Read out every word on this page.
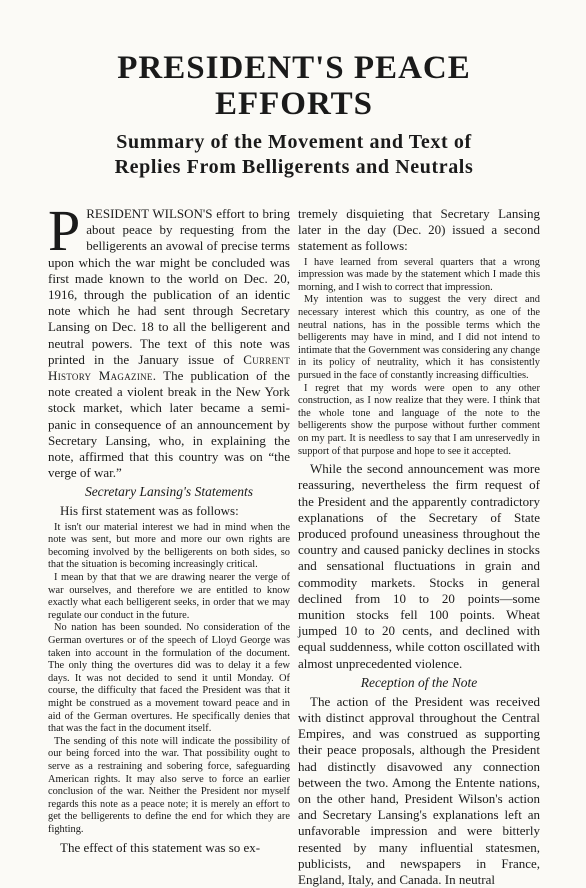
PRESIDENT'S PEACE EFFORTS
Summary of the Movement and Text of
Replies From Belligerents and Neutrals

PRESIDENT WILSON'S effort to bring about peace by requesting from the belligerents an avowal of precise terms upon which the war might be concluded was first made known to the world on Dec. 20, 1916, through the publication of an identic note which he had sent through Secretary Lansing on Dec. 18 to all the belligerent and neutral powers. The text of this note was printed in the January issue of Current History Magazine. The publication of the note created a violent break in the New York stock market, which later became a semi-panic in consequence of an announcement by Secretary Lansing, who, in explaining the note, affirmed that this country was on “the verge of war.”

Secretary Lansing's Statements

His first statement was as follows:

It isn't our material interest we had in mind when the note was sent, but more and more our own rights are becoming involved by the belligerents on both sides, so that the situation is becoming increasingly critical.

I mean by that that we are drawing nearer the verge of war ourselves, and therefore we are entitled to know exactly what each belligerent seeks, in order that we may regulate our conduct in the future.

No nation has been sounded. No consideration of the German overtures or of the speech of Lloyd George was taken into account in the formulation of the document. The only thing the overtures did was to delay it a few days. It was not decided to send it until Monday. Of course, the difficulty that faced the President was that it might be construed as a movement toward peace and in aid of the German overtures. He specifically denies that that was the fact in the document itself.

The sending of this note will indicate the possibility of our being forced into the war. That possibility ought to serve as a restraining and sobering force, safeguarding American rights. It may also serve to force an earlier conclusion of the war. Neither the President nor myself regards this note as a peace note; it is merely an effort to get the belligerents to define the end for which they are fighting.

The effect of this statement was so ex-

tremely disquieting that Secretary Lansing later in the day (Dec. 20) issued a second statement as follows:

I have learned from several quarters that a wrong impression was made by the statement which I made this morning, and I wish to correct that impression.

My intention was to suggest the very direct and necessary interest which this country, as one of the neutral nations, has in the possible terms which the belligerents may have in mind, and I did not intend to intimate that the Government was considering any change in its policy of neutrality, which it has consistently pursued in the face of constantly increasing difficulties.

I regret that my words were open to any other construction, as I now realize that they were. I think that the whole tone and language of the note to the belligerents show the purpose without further comment on my part. It is needless to say that I am unreservedly in support of that purpose and hope to see it accepted.

While the second announcement was more reassuring, nevertheless the firm request of the President and the apparently contradictory explanations of the Secretary of State produced profound uneasiness throughout the country and caused panicky declines in stocks and sensational fluctuations in grain and commodity markets. Stocks in general declined from 10 to 20 points—some munition stocks fell 100 points. Wheat jumped 10 to 20 cents, and declined with equal suddenness, while cotton oscillated with almost unprecedented violence.

Reception of the Note

The action of the President was received with distinct approval throughout the Central Empires, and was construed as supporting their peace proposals, although the President had distinctly disavowed any connection between the two. Among the Entente nations, on the other hand, President Wilson's action and Secretary Lansing's explanations left an unfavorable impression and were bitterly resented by many influential statesmen, publicists, and newspapers in France, England, Italy, and Canada. In neutral
